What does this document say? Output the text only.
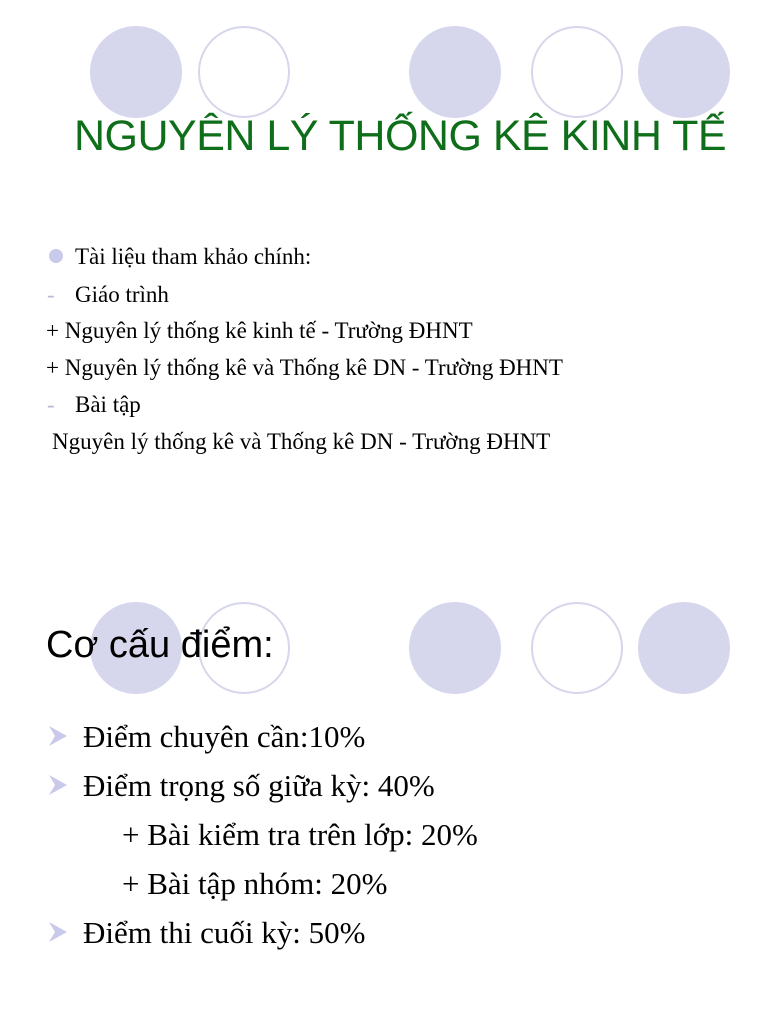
NGUYÊN LÝ THỐNG KÊ KINH TẾ
Tài liệu tham khảo chính:
- Giáo trình
+ Nguyên lý thống kê kinh tế - Trường ĐHNT
+ Nguyên lý thống kê và Thống kê DN - Trường ĐHNT
- Bài tập
Nguyên lý thống kê và Thống kê DN - Trường ĐHNT
Cơ cấu điểm:
Điểm chuyên cần:10%
Điểm trọng số giữa kỳ: 40%
+ Bài kiểm tra trên lớp: 20%
+ Bài tập nhóm: 20%
Điểm thi cuối kỳ: 50%
